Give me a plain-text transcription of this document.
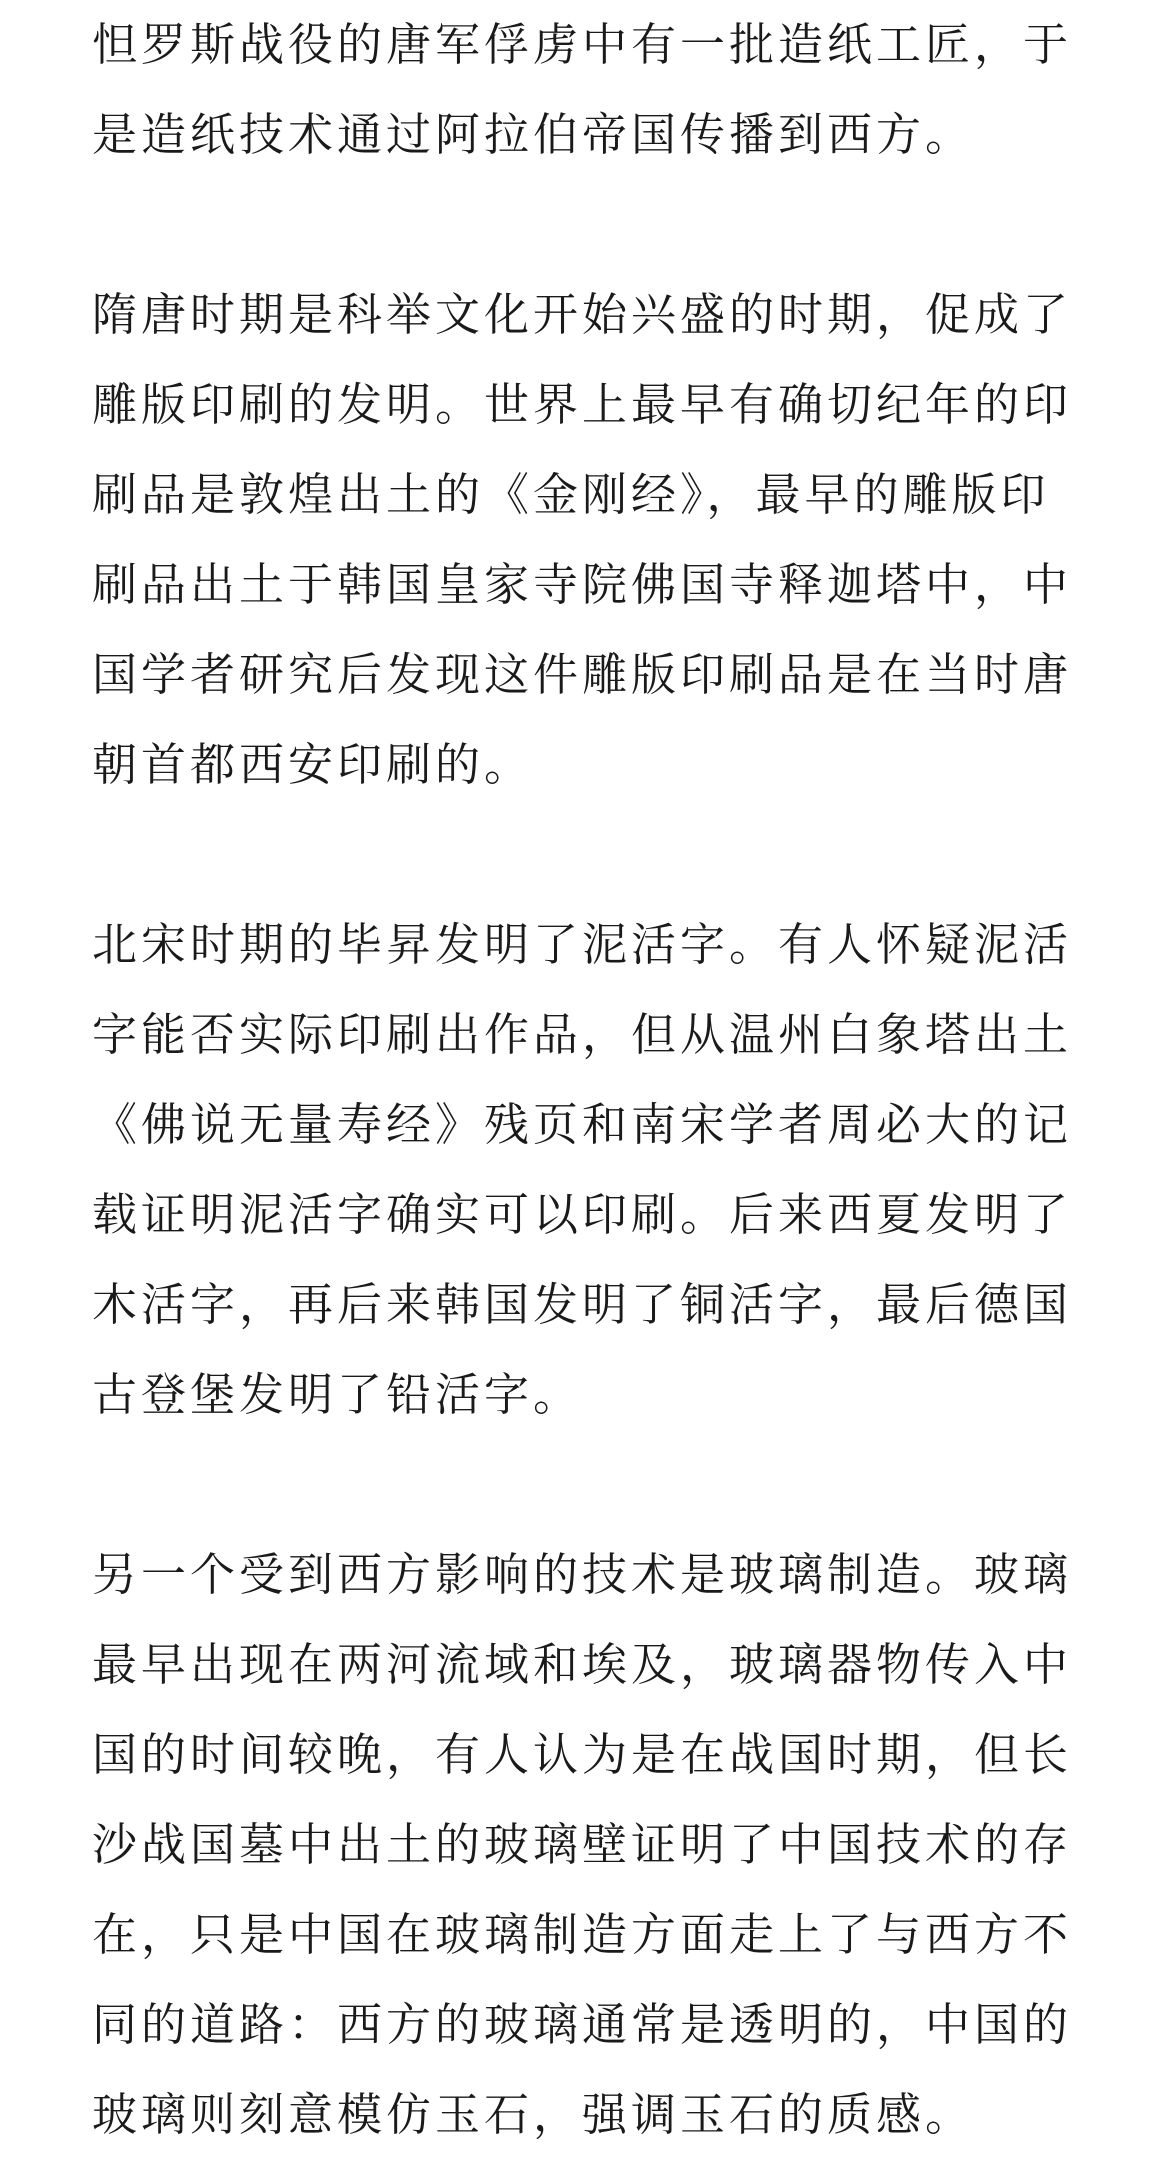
怛罗斯战役的唐军俘虏中有一批造纸工匠，于
是造纸技术通过阿拉伯帝国传播到西方。
隋唐时期是科举文化开始兴盛的时期，促成了
雕版印刷的发明。世界上最早有确切纪年的印
刷品是敦煌出土的《金刚经》，最早的雕版印
刷品出土于韩国皇家寺院佛国寺释迦塔中，中
国学者研究后发现这件雕版印刷品是在当时唐
朝首都西安印刷的。
北宋时期的毕昇发明了泥活字。有人怀疑泥活
字能否实际印刷出作品，但从温州白象塔出土
《佛说无量寿经》残页和南宋学者周必大的记
载证明泥活字确实可以印刷。后来西夏发明了
木活字，再后来韩国发明了铜活字，最后德国
古登堡发明了铅活字。
另一个受到西方影响的技术是玻璃制造。玻璃
最早出现在两河流域和埃及，玻璃器物传入中
国的时间较晚，有人认为是在战国时期，但长
沙战国墓中出土的玻璃壁证明了中国技术的存
在，只是中国在玻璃制造方面走上了与西方不
同的道路：西方的玻璃通常是透明的，中国的
玻璃则刻意模仿玉石，强调玉石的质感。
